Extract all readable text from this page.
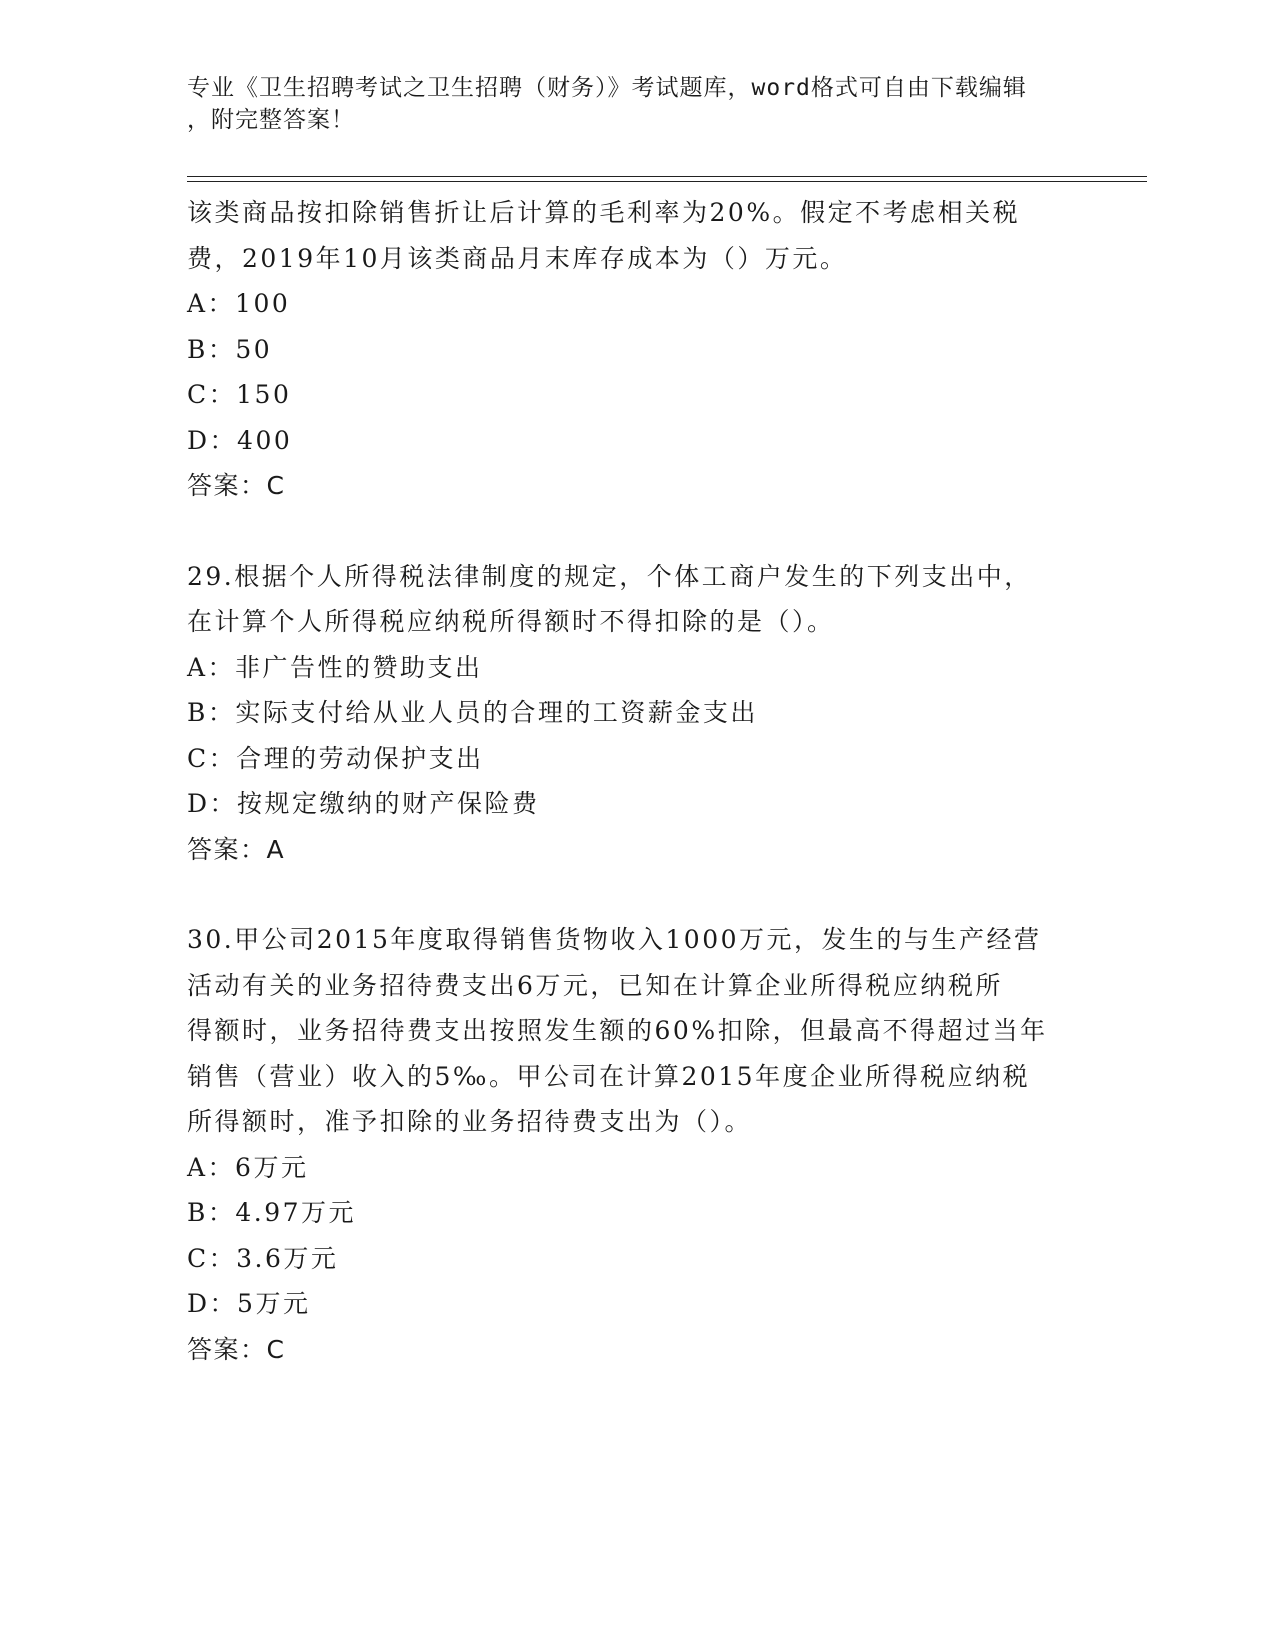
专业《卫生招聘考试之卫生招聘（财务）》考试题库，word格式可自由下载编辑
，附完整答案！

该类商品按扣除销售折让后计算的毛利率为20%。假定不考虑相关税

费，2019年10月该类商品月末库存成本为（）万元。

A：100

B：50

C：150

D：400

答案：C

29.根据个人所得税法律制度的规定，个体工商户发生的下列支出中，

在计算个人所得税应纳税所得额时不得扣除的是（）。

A：非广告性的赞助支出

B：实际支付给从业人员的合理的工资薪金支出

C：合理的劳动保护支出

D：按规定缴纳的财产保险费

答案：A

30.甲公司2015年度取得销售货物收入1000万元，发生的与生产经营

活动有关的业务招待费支出6万元，已知在计算企业所得税应纳税所

得额时，业务招待费支出按照发生额的60%扣除，但最高不得超过当年

销售（营业）收入的5‰。甲公司在计算2015年度企业所得税应纳税

所得额时，准予扣除的业务招待费支出为（）。

A：6万元

B：4.97万元

C：3.6万元

D：5万元

答案：C
